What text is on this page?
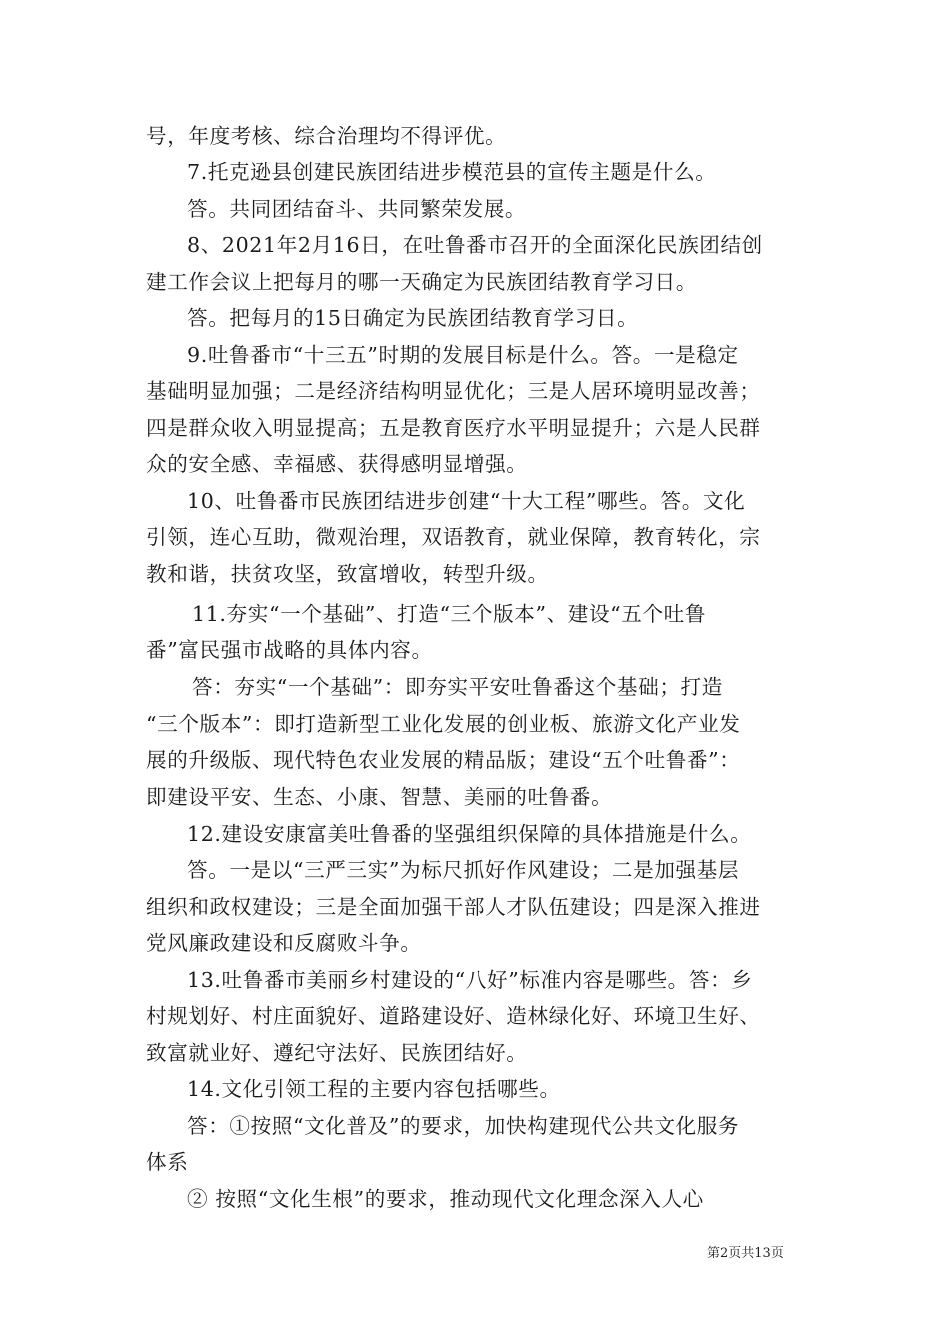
号，年度考核、综合治理均不得评优。
7.托克逊县创建民族团结进步模范县的宣传主题是什么。
答。共同团结奋斗、共同繁荣发展。
8、2021年2月16日，在吐鲁番市召开的全面深化民族团结创
建工作会议上把每月的哪一天确定为民族团结教育学习日。
答。把每月的15日确定为民族团结教育学习日。
9.吐鲁番市“十三五”时期的发展目标是什么。答。一是稳定
基础明显加强；二是经济结构明显优化；三是人居环境明显改善；
四是群众收入明显提高；五是教育医疗水平明显提升；六是人民群
众的安全感、幸福感、获得感明显增强。
10、吐鲁番市民族团结进步创建“十大工程”哪些。答。文化
引领，连心互助，微观治理，双语教育，就业保障，教育转化，宗
教和谐，扶贫攻坚，致富增收，转型升级。
11.夯实“一个基础”、打造“三个版本”、建设“五个吐鲁
番”富民强市战略的具体内容。
答：夯实“一个基础”：即夯实平安吐鲁番这个基础；打造
“三个版本”：即打造新型工业化发展的创业板、旅游文化产业发
展的升级版、现代特色农业发展的精品版；建设“五个吐鲁番”：
即建设平安、生态、小康、智慧、美丽的吐鲁番。
12.建设安康富美吐鲁番的坚强组织保障的具体措施是什么。
答。一是以“三严三实”为标尺抓好作风建设；二是加强基层
组织和政权建设；三是全面加强干部人才队伍建设；四是深入推进
党风廉政建设和反腐败斗争。
13.吐鲁番市美丽乡村建设的“八好”标准内容是哪些。答：乡
村规划好、村庄面貌好、道路建设好、造林绿化好、环境卫生好、
致富就业好、遵纪守法好、民族团结好。
14.文化引领工程的主要内容包括哪些。
答：①按照“文化普及”的要求，加快构建现代公共文化服务
体系
② 按照“文化生根”的要求，推动现代文化理念深入人心
第2页共13页
